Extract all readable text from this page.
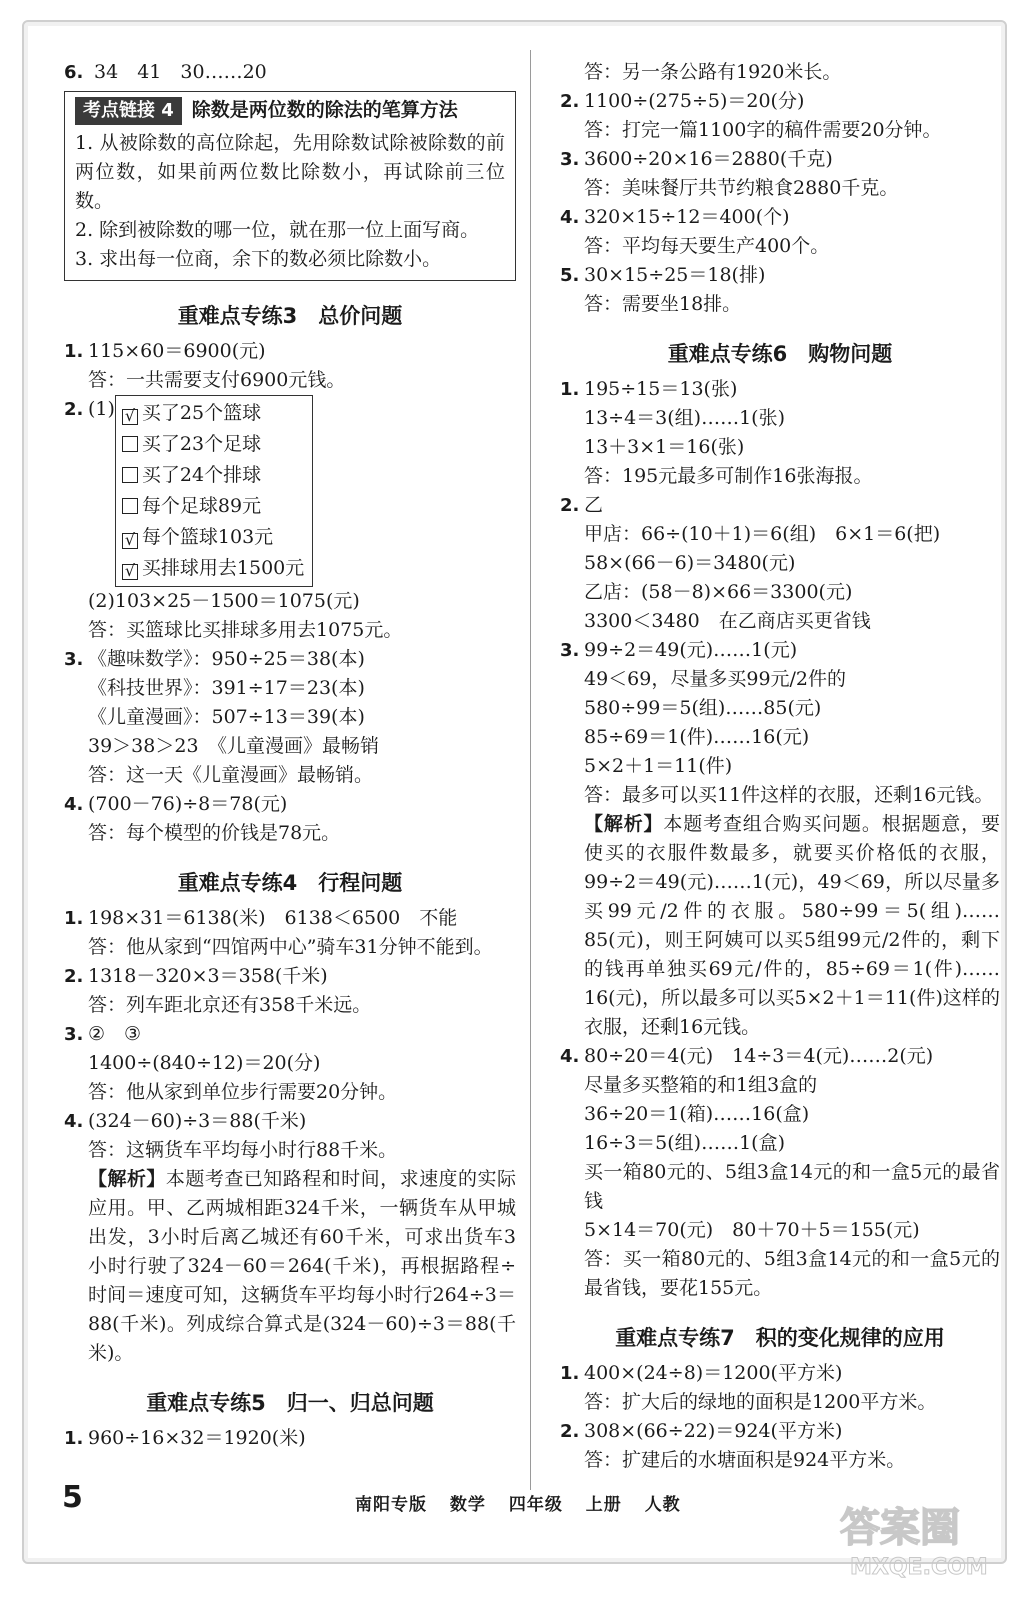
6. 34　41　30……20
考点链接 4 除数是两位数的除法的笔算方法
1. 从被除数的高位除起，先用除数试除被除数的前两位数，如果前两位数比除数小，再试除前三位数。
2. 除到被除数的哪一位，就在那一位上面写商。
3. 求出每一位商，余下的数必须比除数小。
重难点专练3　总价问题
1. 115×60＝6900(元)
答：一共需要支付6900元钱。
2. (1) √ 买了25个篮球
买了23个足球
买了24个排球
每个足球89元
√ 每个篮球103元
√ 买排球用去1500元
(2)103×25－1500＝1075(元)
答：买篮球比买排球多用去1075元。
3. 《趣味数学》：950÷25＝38(本)
《科技世界》：391÷17＝23(本)
《儿童漫画》：507÷13＝39(本)
39＞38＞23　《儿童漫画》最畅销
答：这一天《儿童漫画》最畅销。
4. (700－76)÷8＝78(元)
答：每个模型的价钱是78元。
重难点专练4　行程问题
1. 198×31＝6138(米)　6138＜6500　不能
答：他从家到“四馆两中心”骑车31分钟不能到。
2. 1318－320×3＝358(千米)
答：列车距北京还有358千米远。
3. ②　③
1400÷(840÷12)＝20(分)
答：他从家到单位步行需要20分钟。
4. (324－60)÷3＝88(千米)
答：这辆货车平均每小时行88千米。
【解析】本题考查已知路程和时间，求速度的实际应用。甲、乙两城相距324千米，一辆货车从甲城出发，3小时后离乙城还有60千米，可求出货车3小时行驶了324－60＝264(千米)，再根据路程÷时间＝速度可知，这辆货车平均每小时行264÷3＝88(千米)。列成综合算式是(324－60)÷3＝88(千米)。
重难点专练5　归一、归总问题
1. 960÷16×32＝1920(米)
答：另一条公路有1920米长。
2. 1100÷(275÷5)＝20(分)
答：打完一篇1100字的稿件需要20分钟。
3. 3600÷20×16＝2880(千克)
答：美味餐厅共节约粮食2880千克。
4. 320×15÷12＝400(个)
答：平均每天要生产400个。
5. 30×15÷25＝18(排)
答：需要坐18排。
重难点专练6　购物问题
1. 195÷15＝13(张)
13÷4＝3(组)……1(张)
13＋3×1＝16(张)
答：195元最多可制作16张海报。
2. 乙
甲店：66÷(10＋1)＝6(组)　6×1＝6(把)
58×(66－6)＝3480(元)
乙店：(58－8)×66＝3300(元)
3300＜3480　在乙商店买更省钱
3. 99÷2＝49(元)……1(元)
49＜69，尽量多买99元/2件的
580÷99＝5(组)……85(元)
85÷69＝1(件)……16(元)
5×2＋1＝11(件)
答：最多可以买11件这样的衣服，还剩16元钱。
【解析】本题考查组合购买问题。根据题意，要使买的衣服件数最多，就要买价格低的衣服，99÷2＝49(元)……1(元)，49＜69，所以尽量多买99元/2件的衣服。580÷99＝5(组)……85(元)，则王阿姨可以买5组99元/2件的，剩下的钱再单独买69元/件的，85÷69＝1(件)……16(元)，所以最多可以买5×2＋1＝11(件)这样的衣服，还剩16元钱。
4. 80÷20＝4(元)　14÷3＝4(元)……2(元)
尽量多买整箱的和1组3盒的
36÷20＝1(箱)……16(盒)
16÷3＝5(组)……1(盒)
买一箱80元的、5组3盒14元的和一盒5元的最省钱
5×14＝70(元)　80＋70＋5＝155(元)
答：买一箱80元的、5组3盒14元的和一盒5元的最省钱，要花155元。
重难点专练7　积的变化规律的应用
1. 400×(24÷8)＝1200(平方米)
答：扩大后的绿地的面积是1200平方米。
2. 308×(66÷22)＝924(平方米)
答：扩建后的水塘面积是924平方米。
5	南阳专版 数学 四年级 上册 人教	答案圈
MXQE.COM
